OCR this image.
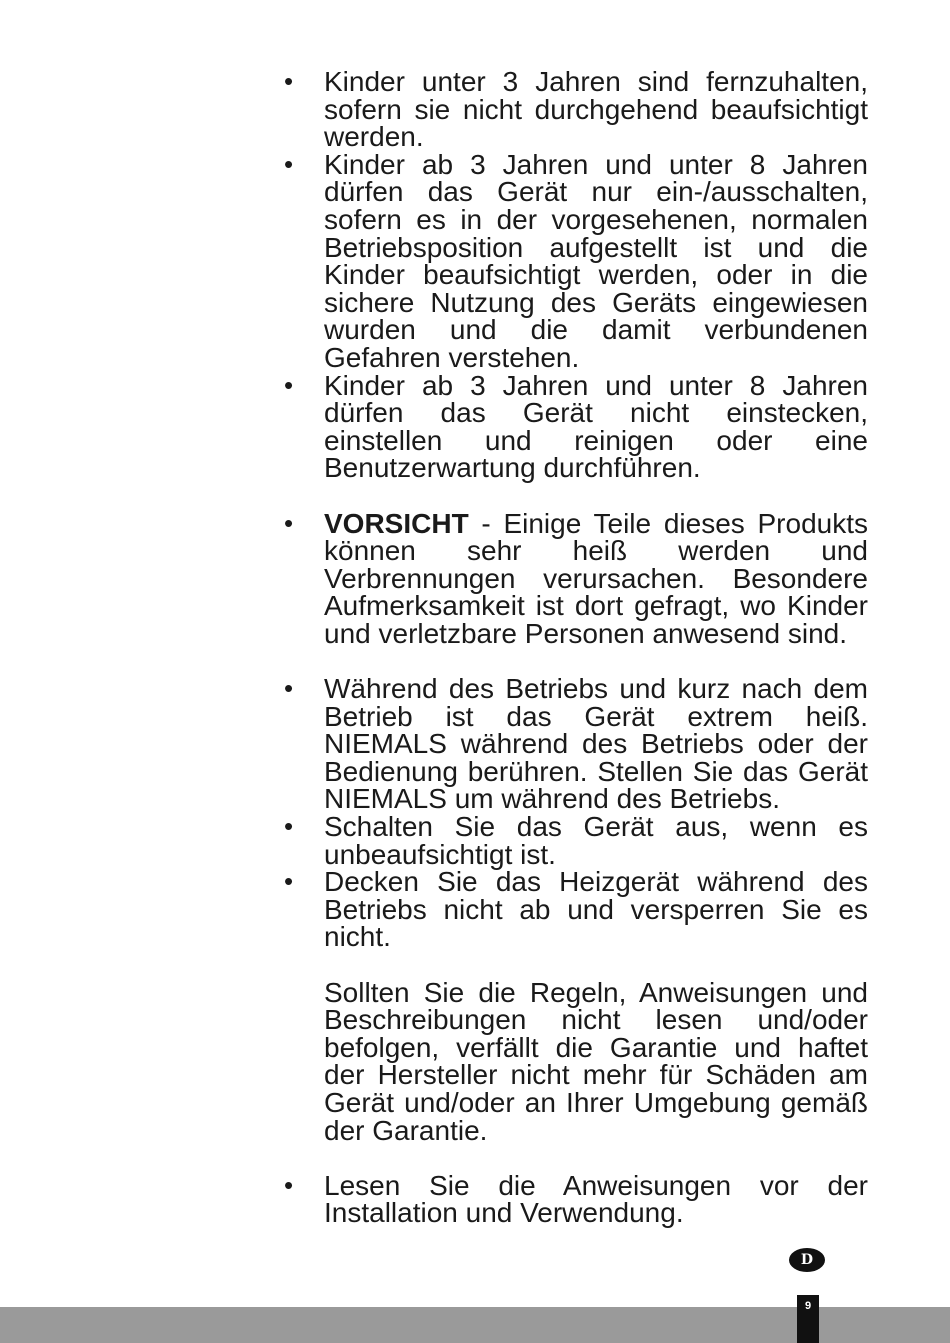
• Kinder unter 3 Jahren sind fernzuhalten, sofern sie nicht durchgehend beaufsichtigt werden.
• Kinder ab 3 Jahren und unter 8 Jahren dürfen das Gerät nur ein-/ausschalten, sofern es in der vorgesehenen, normalen Betriebsposition aufgestellt ist und die Kinder beaufsichtigt werden, oder in die sichere Nutzung des Geräts eingewiesen wurden und die damit verbundenen Gefahren verstehen.
• Kinder ab 3 Jahren und unter 8 Jahren dürfen das Gerät nicht einstecken, einstellen und reinigen oder eine Benutzerwartung durchführen.
• VORSICHT - Einige Teile dieses Produkts können sehr heiß werden und Verbrennungen verursachen. Besondere Aufmerksamkeit ist dort gefragt, wo Kinder und verletzbare Personen anwesend sind.
• Während des Betriebs und kurz nach dem Betrieb ist das Gerät extrem heiß. NIEMALS während des Betriebs oder der Bedienung berühren. Stellen Sie das Gerät NIEMALS um während des Betriebs.
• Schalten Sie das Gerät aus, wenn es unbeaufsichtigt ist.
• Decken Sie das Heizgerät während des Betriebs nicht ab und versperren Sie es nicht.
Sollten Sie die Regeln, Anweisungen und Beschreibungen nicht lesen und/oder befolgen, verfällt die Garantie und haftet der Hersteller nicht mehr für Schäden am Gerät und/oder an Ihrer Umgebung gemäß der Garantie.
• Lesen Sie die Anweisungen vor der Installation und Verwendung.
D
9
